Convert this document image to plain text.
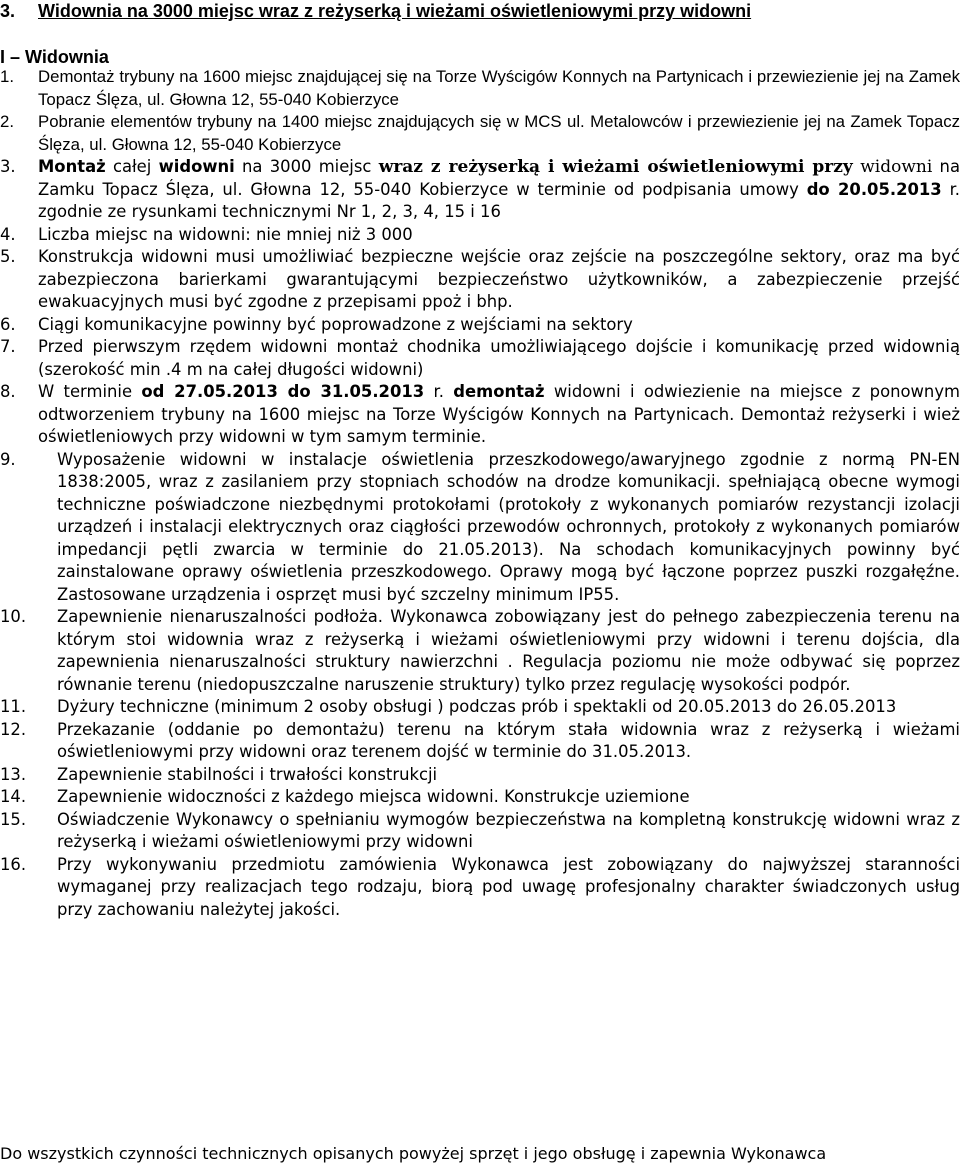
3. Widownia na 3000 miejsc wraz z reżyserką i wieżami oświetleniowymi przy widowni
I – Widownia
1. Demontaż trybuny na 1600 miejsc znajdującej się na Torze Wyścigów Konnych na Partynicach i przewiezienie jej na Zamek Topacz Ślęza, ul. Głowna 12, 55-040 Kobierzyce
2. Pobranie elementów trybuny na 1400 miejsc znajdujących się w MCS ul. Metalowców i przewiezienie jej na Zamek Topacz Ślęza, ul. Głowna 12, 55-040 Kobierzyce
3. Montaż całej widowni na 3000 miejsc wraz z reżyserką i wieżami oświetleniowymi przy widowni na Zamku Topacz Ślęza, ul. Głowna 12, 55-040 Kobierzyce w terminie od podpisania umowy do 20.05.2013 r. zgodnie ze rysunkami technicznymi Nr 1, 2, 3, 4, 15 i 16
4. Liczba miejsc na widowni: nie mniej niż 3 000
5. Konstrukcja widowni musi umożliwiać bezpieczne wejście oraz zejście na poszczególne sektory, oraz ma być zabezpieczona barierkami gwarantującymi bezpieczeństwo użytkowników, a zabezpieczenie przejść ewakuacyjnych musi być zgodne z przepisami ppoż i bhp.
6. Ciągi komunikacyjne powinny być poprowadzone z wejściami na sektory
7. Przed pierwszym rzędem widowni montaż chodnika umożliwiającego dojście i komunikację przed widownią (szerokość min .4 m na całej długości widowni)
8. W terminie od 27.05.2013 do 31.05.2013 r. demontaż widowni i odwiezienie na miejsce z ponownym odtworzeniem trybuny na 1600 miejsc na Torze Wyścigów Konnych na Partynicach. Demontaż reżyserki i wież oświetleniowych przy widowni w tym samym terminie.
9.	Wyposażenie widowni w instalacje oświetlenia przeszkodowego/awaryjnego zgodnie z normą PN-EN 1838:2005, wraz z zasilaniem przy stopniach schodów na drodze komunikacji. spełniającą obecne wymogi techniczne poświadczone niezbędnymi protokołami (protokoły z wykonanych pomiarów rezystancji izolacji urządzeń i instalacji elektrycznych oraz ciągłości przewodów ochronnych, protokoły z wykonanych pomiarów impedancji pętli zwarcia w terminie do 21.05.2013). Na schodach komunikacyjnych powinny być zainstalowane oprawy oświetlenia przeszkodowego. Oprawy mogą być łączone poprzez puszki rozgałęźne. Zastosowane urządzenia i osprzęt musi być szczelny minimum IP55.
10. Zapewnienie nienaruszalności podłoża. Wykonawca zobowiązany jest do pełnego zabezpieczenia terenu na którym stoi widownia wraz z reżyserką i wieżami oświetleniowymi przy widowni i terenu dojścia, dla zapewnienia nienaruszalności struktury nawierzchni . Regulacja poziomu nie może odbywać się poprzez równanie terenu (niedopuszczalne naruszenie struktury) tylko przez regulację wysokości podpór.
11. Dyżury techniczne (minimum 2 osoby obsługi ) podczas prób i spektakli od 20.05.2013 do 26.05.2013
12. Przekazanie (oddanie po demontażu) terenu na którym stała widownia wraz z reżyserką i wieżami oświetleniowymi przy widowni oraz terenem dojść w terminie do 31.05.2013.
13. Zapewnienie stabilności i trwałości konstrukcji
14. Zapewnienie widoczności z każdego miejsca widowni. Konstrukcje uziemione
15. Oświadczenie Wykonawcy o spełnianiu wymogów bezpieczeństwa na kompletną konstrukcję widowni wraz z reżyserką i wieżami oświetleniowymi przy widowni
16. Przy wykonywaniu przedmiotu zamówienia Wykonawca jest zobowiązany do najwyższej staranności wymaganej przy realizacjach tego rodzaju, biorą pod uwagę profesjonalny charakter świadczonych usług przy zachowaniu należytej jakości.
Do wszystkich czynności technicznych opisanych powyżej sprzęt i jego obsługę i zapewnia Wykonawca
